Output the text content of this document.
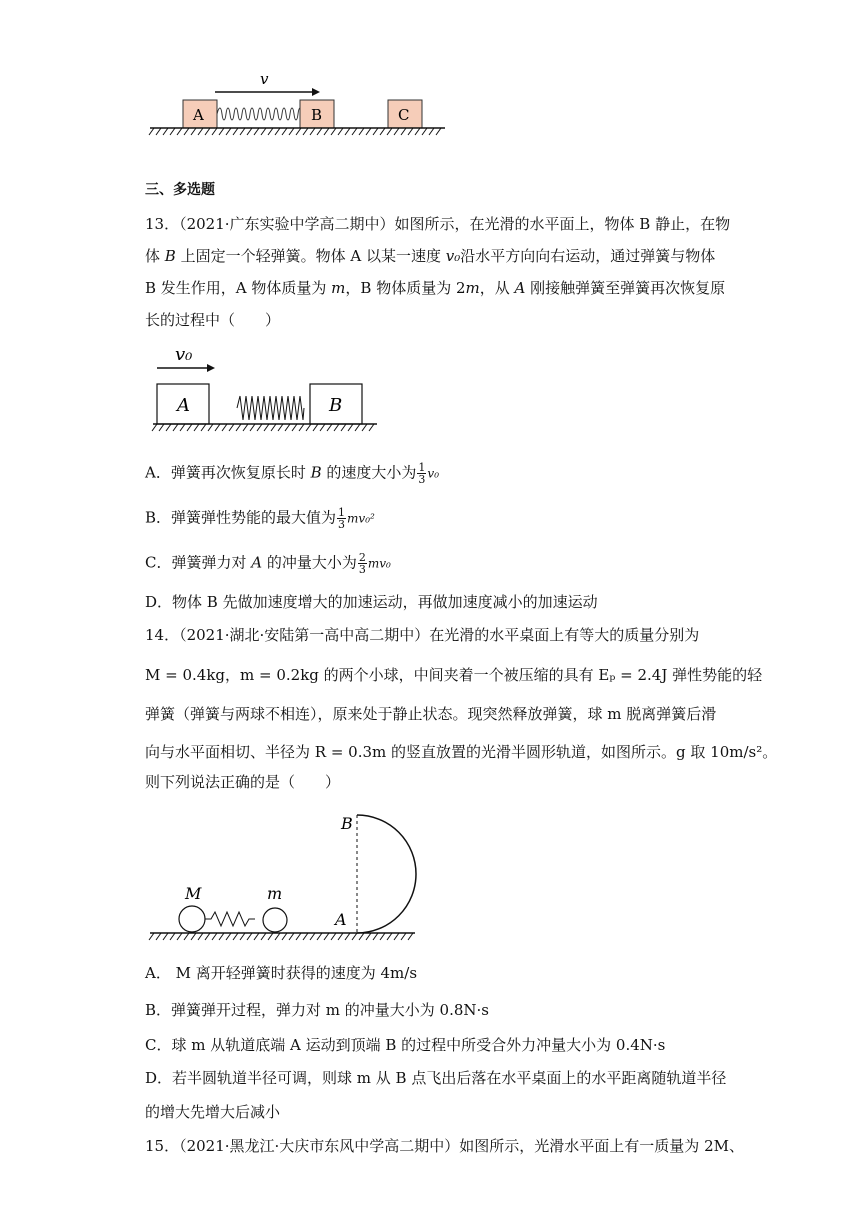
v
A	B	C
三、多选题
13．（2021·广东实验中学高二期中）如图所示，在光滑的水平面上，物体 B 静止，在物
体 B 上固定一个轻弹簧。物体 A 以某一速度 v₀沿水平方向向右运动，通过弹簧与物体
B 发生作用，A 物体质量为 m，B 物体质量为 2m，从 A 刚接触弹簧至弹簧再次恢复原
长的过程中（　　）
v₀
A	B
A．弹簧再次恢复原长时 B 的速度大小为 $\frac{1}{3} v_0$
B．弹簧弹性势能的最大值为 $\frac{1}{3} mv_0^2$
C．弹簧弹力对 A 的冲量大小为 $\frac{2}{3} mv_0$
D．物体 B 先做加速度增大的加速运动，再做加速度减小的加速运动
14．（2021·湖北·安陆第一高中高二期中）在光滑的水平桌面上有等大的质量分别为
M = 0.4kg，m = 0.2kg 的两个小球，中间夹着一个被压缩的具有 Eₚ = 2.4J 弹性势能的轻
弹簧（弹簧与两球不相连），原来处于静止状态。现突然释放弹簧，球 m 脱离弹簧后滑
向与水平面相切、半径为 R = 0.3m 的竖直放置的光滑半圆形轨道，如图所示。g 取 10m/s²。
则下列说法正确的是（　　）
B
A
M	m
A． M 离开轻弹簧时获得的速度为 4m/s
B．弹簧弹开过程，弹力对 m 的冲量大小为 0.8N·s
C．球 m 从轨道底端 A 运动到顶端 B 的过程中所受合外力冲量大小为 0.4N·s
D．若半圆轨道半径可调，则球 m 从 B 点飞出后落在水平桌面上的水平距离随轨道半径
的增大先增大后减小
15．（2021·黑龙江·大庆市东风中学高二期中）如图所示，光滑水平面上有一质量为 2M、
